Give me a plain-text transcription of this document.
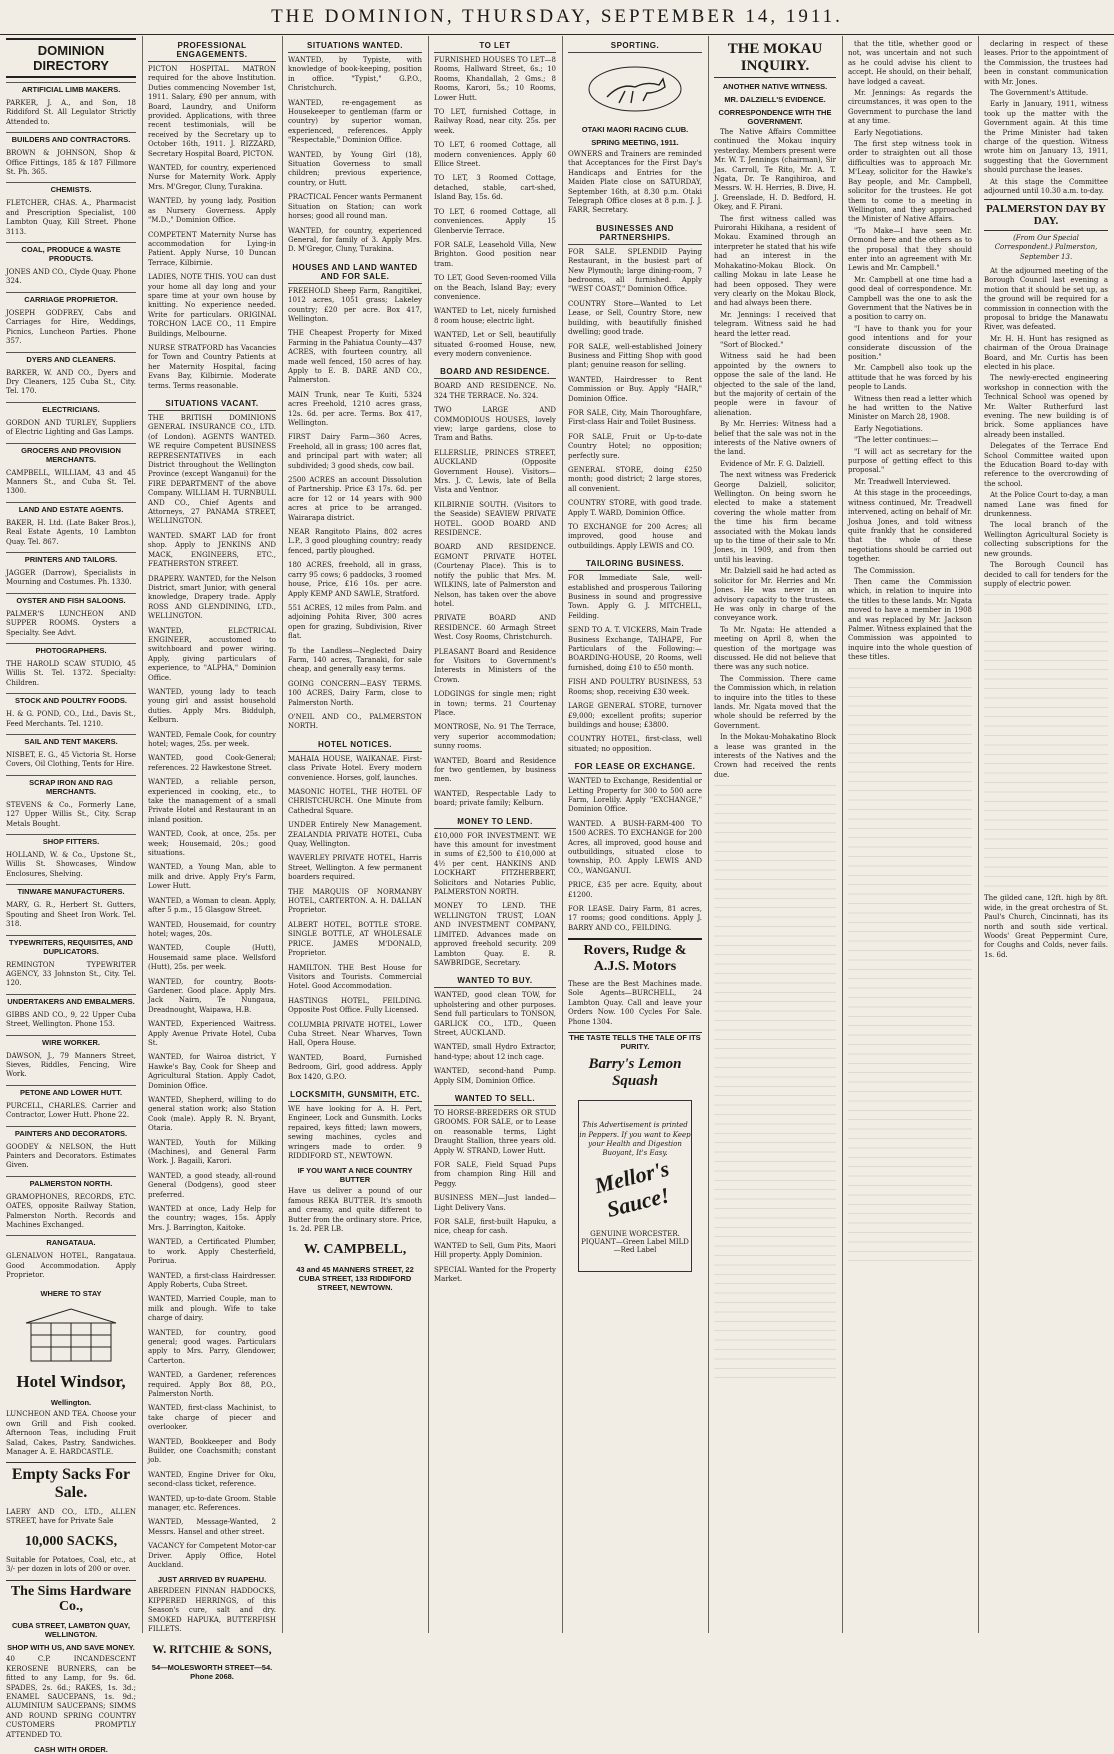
THE DOMINION, THURSDAY, SEPTEMBER 14, 1911.
DOMINION DIRECTORY
ARTIFICIAL LIMB MAKERS.
PARKER, J. A., and Son, 18 Riddiford St. All Legulator Strictly Attended to.
BUILDERS AND CONTRACTORS.
BROWN & JOHNSON, Shop & Office Fittings, 185 & 187 Fillmore St. Ph. 365.
CHEMISTS.
FLETCHER, CHAS. A., Pharmacist and Prescription Specialist, 100 Lambton Quay, Kill Street. Phone 3113.
COAL, PRODUCE & WASTE PRODUCTS.
JONES AND CO., Clyde Quay. Phone 324.
CARRIAGE PROPRIETOR.
JOSEPH GODFREY, Cabs and Carriages for Hire, Weddings, Picnics, Luncheon Parties. Phone 357.
DYERS AND CLEANERS.
BARKER, W. AND CO., Dyers and Dry Cleaners, 125 Cuba St., City. Tel. 170.
ELECTRICIANS.
GORDON AND TURLEY, Suppliers of Electric Lighting and Gas Lamps.
GROCERS AND PROVISION MERCHANTS.
CAMPBELL, WILLIAM, 43 and 45 Manners St., and Cuba St. Tel. 1300.
LAND AND ESTATE AGENTS.
BAKER, H. Ltd. (Late Baker Bros.), Real Estate Agents, 10 Lambton Quay. Tel. 867.
PRINTERS AND TAILORS.
JAGGER (Darrow), Specialists in Mourning and Costumes. Ph. 1330.
OYSTER AND FISH SALOONS.
PALMER'S LUNCHEON AND SUPPER ROOMS. Oysters a Specialty. See Advt.
PHOTOGRAPHERS.
THE HAROLD SCAW STUDIO, 45 Willis St. Tel. 1372. Specialty: Children.
STOCK AND POULTRY FOODS.
H. & G. POND, CO., Ltd., Davis St., Feed Merchants. Tel. 1210.
SAIL AND TENT MAKERS.
NISBET, E. G., 45 Victoria St. Horse Covers, Oil Clothing, Tents for Hire.
SCRAP IRON AND RAG MERCHANTS.
STEVENS & Co., Formerly Lane, 127 Upper Willis St., City. Scrap Metals Bought.
SHOP FITTERS.
HOLLAND, W. & Co., Upstone St., Willis St. Showcases, Window Enclosures, Shelving.
TINWARE MANUFACTURERS.
MARY, G. R., Herbert St. Gutters, Spouting and Sheet Iron Work. Tel. 318.
TYPEWRITERS, REQUISITES, AND DUPLICATORS.
REMINGTON TYPEWRITER AGENCY, 33 Johnston St., City. Tel. 120.
UNDERTAKERS AND EMBALMERS.
GIBBS AND CO., 9, 22 Upper Cuba Street, Wellington. Phone 153.
WIRE WORKER.
DAWSON, J., 79 Manners Street, Sieves, Riddles, Fencing, Wire Work.
PETONE AND LOWER HUTT.
PURCELL, CHARLES. Carrier and Contractor, Lower Hutt. Phone 22.
PAINTERS AND DECORATORS.
GOODEY & NELSON, the Hutt Painters and Decorators. Estimates Given.
PALMERSTON NORTH.
GRAMOPHONES, RECORDS, ETC. OATES, opposite Railway Station, Palmerston North. Records and Machines Exchanged.
RANGATAUA.
GLENALVON HOTEL, Rangataua. Good Accommodation. Apply Proprietor.
WHERE TO STAY
Hotel Windsor,
Wellington.
LUNCHEON AND TEA. Choose your own Grill and Fish cooked. Afternoon Teas, including Fruit Salad, Cakes, Pastry, Sandwiches. Manager A. E. HARDCASTLE.
Empty Sacks For Sale.
LAERY AND CO., LTD., ALLEN STREET, have for Private Sale
10,000 SACKS,
Suitable for Potatoes, Coal, etc., at 3/- per dozen in lots of 200 or over.
The Sims Hardware Co.,
CUBA STREET, LAMBTON QUAY, WELLINGTON.
SHOP WITH US, AND SAVE MONEY.
40 C.P. INCANDESCENT KEROSENE BURNERS, can be fitted to any Lamp, for 9s. 6d. SPADES, 2s. 6d.; RAKES, 1s. 3d.; ENAMEL SAUCEPANS, 1s. 9d.; ALUMINIUM SAUCEPANS; SIMMS AND ROUND SPRING COUNTRY CUSTOMERS PROMPTLY ATTENDED TO.
CASH WITH ORDER.
PROFESSIONAL ENGAGEMENTS.
PICTON HOSPITAL. MATRON required for the above Institution. Duties commencing November 1st, 1911. Salary, £90 per annum, with Board, Laundry, and Uniform provided. Applications, with three recent testimonials, will be received by the Secretary up to October 16th, 1911. J. RIZZARD, Secretary Hospital Board, PICTON.
WANTED, for country, experienced Nurse for Maternity Work. Apply Mrs. M'Gregor, Cluny, Turakina.
WANTED, by young lady, Position as Nursery Governess. Apply "M.D.," Dominion Office.
COMPETENT Maternity Nurse has accommodation for Lying-in Patient. Apply Nurse, 10 Duncan Terrace, Kilbirnie.
LADIES, NOTE THIS. YOU can dust your home all day long and your spare time at your own house by knitting. No experience needed. Write for particulars. ORIGINAL TORCHON LACE CO., 11 Empire Buildings, Melbourne.
NURSE STRATFORD has Vacancies for Town and Country Patients at her Maternity Hospital, facing Evans Bay, Kilbirnie. Moderate terms. Terms reasonable.
SITUATIONS VACANT.
THE BRITISH DOMINIONS GENERAL INSURANCE CO., LTD. (of London). AGENTS WANTED. WE require Competent BUSINESS REPRESENTATIVES in each District throughout the Wellington Province (except Wanganui) for the FIRE DEPARTMENT of the above Company. WILLIAM H. TURNBULL AND CO., Chief Agents and Attorneys, 27 PANAMA STREET, WELLINGTON.
WANTED. SMART LAD for front shop. Apply to JENKINS AND MACK, ENGINEERS, ETC., FEATHERSTON STREET.
DRAPERY. WANTED, for the Nelson District, smart Junior, with general knowledge, Drapery trade. Apply ROSS AND GLENDINING, LTD., WELLINGTON.
WANTED, ELECTRICAL ENGINEER, accustomed to switchboard and power wiring. Apply, giving particulars of experience, to "ALPHA," Dominion Office.
WANTED, young lady to teach young girl and assist household duties. Apply Mrs. Biddulph, Kelburn.
WANTED, Female Cook, for country hotel; wages, 25s. per week.
WANTED, good Cook-General; references. 22 Hawkestone Street.
WANTED, a reliable person, experienced in cooking, etc., to take the management of a small Private Hotel and Restaurant in an inland position.
WANTED, Cook, at once, 25s. per week; Housemaid, 20s.; good situations.
WANTED, a Young Man, able to milk and drive. Apply Fry's Farm, Lower Hutt.
WANTED, a Woman to clean. Apply, after 5 p.m., 15 Glasgow Street.
WANTED, Housemaid, for country hotel; wages, 20s.
WANTED, Couple (Hutt), Housemaid same place. Wellsford (Hutt), 25s. per week.
WANTED, for country, Boots-Gardener. Good place. Apply Mrs. Jack Nairn, Te Nungaua, Dreadnought, Waipawa, H.B.
WANTED, Experienced Waitress. Apply Avenue Private Hotel, Cuba St.
WANTED, for Wairoa district, Y Hawke's Bay, Cook for Sheep and Agricultural Station. Apply Cadot, Dominion Office.
WANTED, Shepherd, willing to do general station work; also Station Cook (male). Apply R. N. Bryant, Otaria.
WANTED, Youth for Milking (Machines), and General Farm Work. J. Bagaili, Karori.
WANTED, a good steady, all-round General (Dodgens), good steer preferred.
WANTED at once, Lady Help for the country; wages, 15s. Apply Mrs. J. Barrington, Kaitoke.
WANTED, a Certificated Plumber, to work. Apply Chesterfield, Porirua.
WANTED, a first-class Hairdresser. Apply Roberts, Cuba Street.
WANTED, Married Couple, man to milk and plough. Wife to take charge of dairy.
WANTED, for country, good general; good wages. Particulars apply to Mrs. Parry, Glendower, Carterton.
WANTED, a Gardener, references required. Apply Box 88, P.O., Palmerston North.
WANTED, first-class Machinist, to take charge of piecer and overlooker.
WANTED, Bookkeeper and Body Builder, one Coachsmith; constant job.
WANTED, Engine Driver for Oku, second-class ticket, reference.
WANTED, up-to-date Groom. Stable manager, etc. References.
WANTED, Message-Wanted, 2 Messrs. Hansel and other street.
VACANCY for Competent Motor-car Driver. Apply Office, Hotel Auckland.
JUST ARRIVED BY RUAPEHU.
ABERDEEN FINNAN HADDOCKS, KIPPERED HERRINGS, of this Season's cure, salt and dry. SMOKED HAPUKA, BUTTERFISH FILLETS.
W. RITCHIE & SONS,
54—MOLESWORTH STREET—54. Phone 2068.
SITUATIONS WANTED.
WANTED, by Typiste, with knowledge of book-keeping, position in office. "Typist," G.P.O., Christchurch.
WANTED, re-engagement as Housekeeper to gentleman (farm or country) by superior woman, experienced, references. Apply "Respectable," Dominion Office.
WANTED, by Young Girl (18), Situation Governess to small children; previous experience, country, or Hutt.
PRACTICAL Fencer wants Permanent Situation on Station; can work horses; good all round man.
WANTED, for country, experienced General, for family of 3. Apply Mrs. D. M'Gregor, Cluny, Turakina.
HOUSES AND LAND WANTED AND FOR SALE.
FREEHOLD Sheep Farm, Rangitikei, 1012 acres, 1051 grass; Lakeley country; £20 per acre. Box 417, Wellington.
THE Cheapest Property for Mixed Farming in the Pahiatua County—437 ACRES, with fourteen country, all made well fenced, 150 acres of hay. Apply to E. B. DARE AND CO., Palmerston.
MAIN Trunk, near Te Kuiti, 5324 acres Freehold, 1210 acres grass, 12s. 6d. per acre. Terms. Box 417, Wellington.
FIRST Dairy Farm—360 Acres, Freehold, all in grass; 100 acres flat, and principal part with water; all subdivided; 3 good sheds, cow bail.
2500 ACRES an account Dissolution of Partnership. Price £3 17s. 6d. per acre for 12 or 14 years with 900 acres at price to be arranged. Wairarapa district.
NEAR Rangitoto Plains, 802 acres L.P., 3 good ploughing country; ready fenced, partly ploughed.
180 ACRES, freehold, all in grass, carry 95 cows; 6 paddocks, 3 roomed house, Price, £16 10s. per acre. Apply KEMP AND SAWLE, Stratford.
551 ACRES, 12 miles from Palm. and adjoining Pohita River, 300 acres open for grazing, Subdivision, River flat.
To the Landless—Neglected Dairy Farm, 140 acres, Taranaki, for sale cheap, and generally easy terms.
GOING CONCERN—EASY TERMS. 100 ACRES, Dairy Farm, close to Palmerston North.
O'NEIL AND CO., PALMERSTON NORTH.
HOTEL NOTICES.
MAHAIA HOUSE, WAIKANAE. First-class Private Hotel. Every modern convenience. Horses, golf, launches.
MASONIC HOTEL, THE HOTEL OF CHRISTCHURCH. One Minute from Cathedral Square.
UNDER Entirely New Management. ZEALANDIA PRIVATE HOTEL, Cuba Quay, Wellington.
WAVERLEY PRIVATE HOTEL, Harris Street, Wellington. A few permanent boarders required.
THE MARQUIS OF NORMANBY HOTEL, CARTERTON. A. H. DALLAN Proprietor.
ALBERT HOTEL, BOTTLE STORE. SINGLE BOTTLE, AT WHOLESALE PRICE. JAMES M'DONALD, Proprietor.
HAMILTON. THE Best House for Visitors and Tourists. Commercial Hotel. Good Accommodation.
HASTINGS HOTEL, FEILDING. Opposite Post Office. Fully Licensed.
COLUMBIA PRIVATE HOTEL, Lower Cuba Street. Near Wharves, Town Hall, Opera House.
WANTED, Board, Furnished Bedroom, Girl, good address. Apply Box 1420, G.P.O.
LOCKSMITH, GUNSMITH, ETC.
WE have looking for A. H. Pert, Engineer, Lock and Gunsmith. Locks repaired, keys fitted; lawn mowers, sewing machines, cycles and wringers made to order. 9 RIDDIFORD ST., NEWTOWN.
IF YOU WANT A NICE COUNTRY BUTTER
Have us deliver a pound of our famous REKA BUTTER. It's smooth and creamy, and quite different to Butter from the ordinary store. Price, 1s. 2d. PER LB.
W. CAMPBELL,
43 and 45 MANNERS STREET, 22 CUBA STREET, 133 RIDDIFORD STREET, NEWTOWN.
TO LET
FURNISHED HOUSES TO LET—8 Rooms, Hallward Street, 6s.; 10 Rooms, Khandallah, 2 Gms.; 8 Rooms, Karori, 5s.; 10 Rooms, Lower Hutt.
TO LET, furnished Cottage, in Railway Road, near city. 25s. per week.
TO LET, 6 roomed Cottage, all modern conveniences. Apply 60 Ellice Street.
TO LET, 3 Roomed Cottage, detached, stable, cart-shed, Island Bay, 15s. 6d.
TO LET, 6 roomed Cottage, all conveniences. Apply 15 Glenbervie Terrace.
FOR SALE, Leasehold Villa, New Brighton. Good position near tram.
TO LET, Good Seven-roomed Villa on the Beach, Island Bay; every convenience.
WANTED to Let, nicely furnished 8 room house; electric light.
WANTED, Let or Sell, beautifully situated 6-roomed House, new, every modern convenience.
BOARD AND RESIDENCE.
BOARD AND RESIDENCE. No. 324 THE TERRACE. No. 324.
TWO LARGE AND COMMODIOUS HOUSES, lovely view; large gardens, close to Tram and Baths.
ELLERSLIE, PRINCES STREET, AUCKLAND (Opposite Government House). Visitors—Mrs. J. C. Lewis, late of Bella Vista and Ventnor.
KILBIRNIE SOUTH. (Visitors to the Seaside) SEAVIEW PRIVATE HOTEL. GOOD BOARD AND RESIDENCE.
BOARD AND RESIDENCE. EGMONT PRIVATE HOTEL (Courtenay Place). This is to notify the public that Mrs. M. WILKINS, late of Palmerston and Nelson, has taken over the above hotel.
PRIVATE BOARD AND RESIDENCE. 60 Armagh Street West. Cosy Rooms, Christchurch.
PLEASANT Board and Residence for Visitors to Government's Interests in Ministers of the Crown.
LODGINGS for single men; right in town; terms. 21 Courtenay Place.
MONTROSE, No. 91 The Terrace, very superior accommodation; sunny rooms.
WANTED, Board and Residence for two gentlemen, by business men.
WANTED, Respectable Lady to board; private family; Kelburn.
MONEY TO LEND.
£10,000 FOR INVESTMENT. WE have this amount for investment in sums of £2,500 to £10,000 at 4½ per cent. HANKINS AND LOCKHART FITZHERBERT, Solicitors and Notaries Public, PALMERSTON NORTH.
MONEY TO LEND. THE WELLINGTON TRUST, LOAN AND INVESTMENT COMPANY, LIMITED. Advances made on approved freehold security. 209 Lambton Quay. E. R. SAWBRIDGE, Secretary.
WANTED TO BUY.
WANTED, good clean TOW, for upholstering and other purposes. Send full particulars to TONSON, GARLICK CO., LTD., Queen Street, AUCKLAND.
WANTED, small Hydro Extractor, hand-type; about 12 inch cage.
WANTED, second-hand Pump. Apply SIM, Dominion Office.
WANTED TO SELL.
TO HORSE-BREEDERS OR STUD GROOMS. FOR SALE, or to Lease on reasonable terms, Light Draught Stallion, three years old. Apply W. STRAND, Lower Hutt.
FOR SALE, Field Squad Pups from champion Ring Hill and Peggy.
BUSINESS MEN—Just landed—Light Delivery Vans.
FOR SALE, first-built Hapuku, a nice, cheap for cash.
WANTED to Sell, Gum Pits, Maori Hill property. Apply Dominion.
SPECIAL Wanted for the Property Market.
SPORTING.
OTAKI MAORI RACING CLUB.
SPRING MEETING, 1911.
OWNERS and Trainers are reminded that Acceptances for the First Day's Handicaps and Entries for the Maiden Plate close on SATURDAY, September 16th, at 8.30 p.m. Otaki Telegraph Office closes at 8 p.m. J. J. FARR, Secretary.
BUSINESSES AND PARTNERSHIPS.
FOR SALE. SPLENDID Paying Restaurant, in the busiest part of New Plymouth; large dining-room, 7 bedrooms, all furnished. Apply "WEST COAST," Dominion Office.
COUNTRY Store—Wanted to Let Lease, or Sell, Country Store, new building, with beautifully finished dwelling; good trade.
FOR SALE, well-established Joinery Business and Fitting Shop with good plant; genuine reason for selling.
WANTED, Hairdresser to Rent Commission or Buy. Apply "HAIR," Dominion Office.
FOR SALE, City, Main Thoroughfare, First-class Hair and Toilet Business.
FOR SALE, Fruit or Up-to-date Country Hotel; no opposition; perfectly sure.
GENERAL STORE, doing £250 month; good district; 2 large stores, all convenient.
COUNTRY STORE, with good trade. Apply T. WARD, Dominion Office.
TO EXCHANGE for 200 Acres; all improved, good house and outbuildings. Apply LEWIS and CO.
TAILORING BUSINESS.
FOR Immediate Sale, well-established and prosperous Tailoring Business in sound and progressive Town. Apply G. J. MITCHELL, Feilding.
SEND TO A. T. VICKERS, Main Trade Business Exchange, TAIHAPE, For Particulars of the Following:— BOARDING-HOUSE, 20 Rooms, well furnished, doing £10 to £50 month.
FISH AND POULTRY BUSINESS, 53 Rooms; shop, receiving £30 week.
LARGE GENERAL STORE, turnover £9,000; excellent profits; superior buildings and house; £3800.
COUNTRY HOTEL, first-class, well situated; no opposition.
FOR LEASE OR EXCHANGE.
WANTED to Exchange, Residential or Letting Property for 300 to 500 acre Farm, Lorelily. Apply "EXCHANGE," Dominion Office.
WANTED. A BUSH-FARM-400 TO 1500 ACRES. TO EXCHANGE for 200 Acres, all improved, good house and outbuildings, situated close to township, P.O. Apply LEWIS AND CO., WANGANUI.
PRICE, £35 per acre. Equity, about £1200.
FOR LEASE. Dairy Farm, 81 acres, 17 rooms; good conditions. Apply J. BARRY AND CO., FEILDING.
Rovers, Rudge & A.J.S. Motors
These are the Best Machines made. Sole Agents—BURCHELL, 24 Lambton Quay. Call and leave your Orders Now. 100 Cycles For Sale. Phone 1304.
THE TASTE TELLS THE TALE OF ITS PURITY.
Barry's Lemon Squash
This Advertisement is printed in Peppers. If you want to Keep your Health and Digestion Buoyant, It's Easy.
Mellor's Sauce!
GENUINE WORCESTER. PIQUANT—Green Label MILD—Red Label
THE MOKAU INQUIRY.
ANOTHER NATIVE WITNESS.
MR. DALZIELL'S EVIDENCE.
CORRESPONDENCE WITH THE GOVERNMENT.
The Native Affairs Committee continued the Mokau inquiry yesterday. Members present were Mr. W. T. Jennings (chairman), Sir Jas. Carroll, Te Rito, Mr. A. T. Ngata, Dr. Te Rangihiroa, and Messrs. W. H. Herries, B. Dive, H. J. Greenslade, H. D. Bedford, H. Okey, and F. Pirani.
The first witness called was Puirorahi Hikihana, a resident of Mokau. Examined through an interpreter he stated that his wife had an interest in the Mohakatino-Mokau Block. On calling Mokau in late Lease he had been opposed. They were very clearly on the Mokau Block, and had always been there.
Mr. Jennings: I received that telegram. Witness said he had heard the letter read.
"Sort of Blocked."
Witness said he had been appointed by the owners to oppose the sale of the land. He objected to the sale of the land, but the majority of certain of the people were in favour of alienation.
By Mr. Herries: Witness had a belief that the sale was not in the interests of the Native owners of the land.
Evidence of Mr. F. G. Dalziell.
The next witness was Frederick George Dalziell, solicitor, Wellington. On being sworn he elected to make a statement covering the whole matter from the time his firm became associated with the Mokau lands up to the time of their sale to Mr. Jones, in 1909, and from then until his leaving.
Mr. Dalziell said he had acted as solicitor for Mr. Herries and Mr. Jones. He was never in an advisory capacity to the trustees. He was only in charge of the conveyance work.
To Mr. Ngata: He attended a meeting on April 8, when the question of the mortgage was discussed. He did not believe that there was any such notice.
The Commission. There came the Commission which, in relation to inquire into the titles to these lands. Mr. Ngata moved that the whole should be referred by the Government.
In the Mokau-Mohakatino Block a lease was granted in the interests of the Natives and the Crown had received the rents due.
that the title, whether good or not, was uncertain and not such as he could advise his client to accept. He should, on their behalf, have lodged a caveat.
Mr. Jennings: As regards the circumstances, it was open to the Government to purchase the land at any time.
Early Negotiations.
The first step witness took in order to straighten out all those difficulties was to approach Mr. M'Leay, solicitor for the Hawke's Bay people, and Mr. Campbell, solicitor for the trustees. He got them to come to a meeting in Wellington, and they approached the Minister of Native Affairs.
"To Make—I have seen Mr. Ormond here and the others as to the proposal that they should enter into an agreement with Mr. Lewis and Mr. Campbell."
Mr. Campbell at one time had a good deal of correspondence. Mr. Campbell was the one to ask the Government that the Natives be in a position to carry on.
"I have to thank you for your good intentions and for your considerate discussion of the position."
Mr. Campbell also took up the attitude that he was forced by his people to Lands.
Witness then read a letter which he had written to the Native Minister on March 28, 1908.
Early Negotiations.
"The letter continues:—
"I will act as secretary for the purpose of getting effect to this proposal."
Mr. Treadwell Interviewed.
At this stage in the proceedings, witness continued, Mr. Treadwell intervened, acting on behalf of Mr. Joshua Jones, and told witness quite frankly that he considered that the whole of these negotiations should be carried out together.
The Commission.
Then came the Commission which, in relation to inquire into the titles to these lands. Mr. Ngata moved to have a member in 1908 and was replaced by Mr. Jackson Palmer. Witness explained that the Commission was appointed to inquire into the whole question of these titles.
declaring in respect of these leases. Prior to the appointment of the Commission, the trustees had been in constant communication with Mr. Jones.
The Government's Attitude.
Early in January, 1911, witness took up the matter with the Government again. At this time the Prime Minister had taken charge of the question. Witness wrote him on January 13, 1911, suggesting that the Government should purchase the leases.
At this stage the Committee adjourned until 10.30 a.m. to-day.
PALMERSTON DAY BY DAY.
(From Our Special Correspondent.) Palmerston, September 13.
At the adjourned meeting of the Borough Council last evening a motion that it should be set up, as the ground will be required for a commission in connection with the proposal to bridge the Manawatu River, was defeated.
Mr. H. H. Hunt has resigned as chairman of the Oroua Drainage Board, and Mr. Curtis has been elected in his place.
The newly-erected engineering workshop in connection with the Technical School was opened by Mr. Walter Rutherfurd last evening. The new building is of brick. Some appliances have already been installed.
Delegates of the Terrace End School Committee waited upon the Education Board to-day with reference to the overcrowding of the school.
At the Police Court to-day, a man named Lane was fined for drunkenness.
The local branch of the Wellington Agricultural Society is collecting subscriptions for the new grounds.
The Borough Council has decided to call for tenders for the supply of electric power.
The gilded cane, 12ft. high by 8ft. wide, in the great orchestra of St. Paul's Church, Cincinnati, has its north and south side vertical. Woods' Great Peppermint Cure, for Coughs and Colds, never fails. 1s. 6d.
